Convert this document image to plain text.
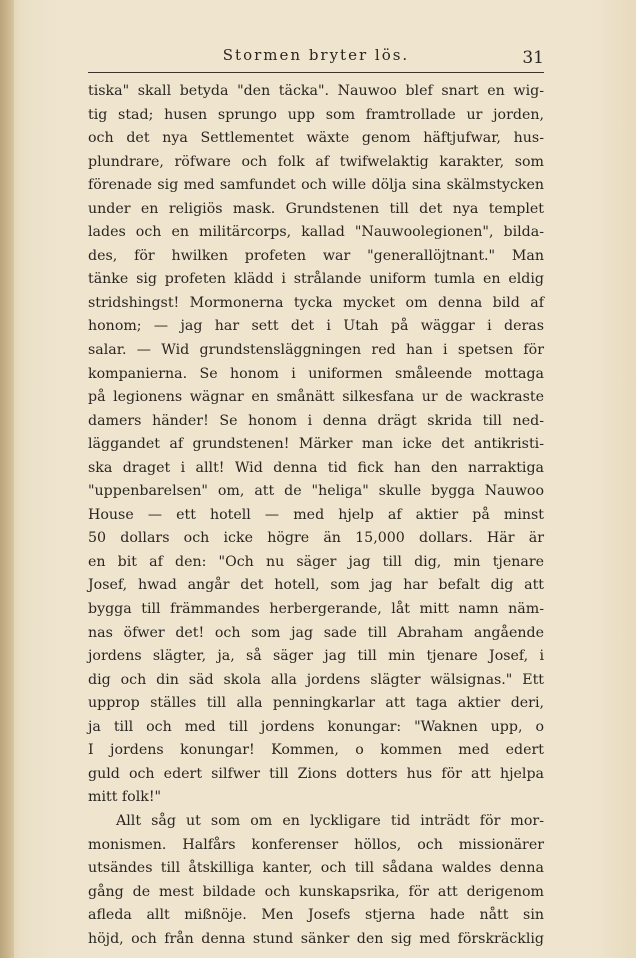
Stormen bryter lös.	31
tiska" skall betyda "den täcka". Nauwoo blef snart en wig-
tig stad; husen sprungo upp som framtrollade ur jorden,
och det nya Settlementet wäxte genom häftjufwar, hus-
plundrare, röfware och folk af twifwelaktig karakter, som
förenade sig med samfundet och wille dölja sina skälmstycken
under en religiös mask. Grundstenen till det nya templet
lades och en militärcorps, kallad "Nauwoolegionen", bilda-
des, för hwilken profeten war "generallöjtnant." Man
tänke sig profeten klädd i strålande uniform tumla en eldig
stridshingst! Mormonerna tycka mycket om denna bild af
honom; — jag har sett det i Utah på wäggar i deras
salar. — Wid grundstensläggningen red han i spetsen för
kompanierna. Se honom i uniformen småleende mottaga
på legionens wägnar en smånätt silkesfana ur de wackraste
damers händer! Se honom i denna drägt skrida till ned-
läggandet af grundstenen! Märker man icke det antikristi-
ska draget i allt! Wid denna tid fick han den narraktiga
"uppenbarelsen" om, att de "heliga" skulle bygga Nauwoo
House — ett hotell — med hjelp af aktier på minst
50 dollars och icke högre än 15,000 dollars. Här är
en bit af den: "Och nu säger jag till dig, min tjenare
Josef, hwad angår det hotell, som jag har befalt dig att
bygga till främmandes herbergerande, låt mitt namn näm-
nas öfwer det! och som jag sade till Abraham angående
jordens slägter, ja, så säger jag till min tjenare Josef, i
dig och din säd skola alla jordens slägter wälsignas." Ett
upprop ställes till alla penningkarlar att taga aktier deri,
ja till och med till jordens konungar: "Waknen upp, o
I jordens konungar! Kommen, o kommen med edert
guld och edert silfwer till Zions dotters hus för att hjelpa
mitt folk!"
Allt såg ut som om en lyckligare tid inträdt för mor-
monismen. Halfårs konferenser höllos, och missionärer
utsändes till åtskilliga kanter, och till sådana waldes denna
gång de mest bildade och kunskapsrika, för att derigenom
afleda allt mißnöje. Men Josefs stjerna hade nått sin
höjd, och från denna stund sänker den sig med förskräcklig
